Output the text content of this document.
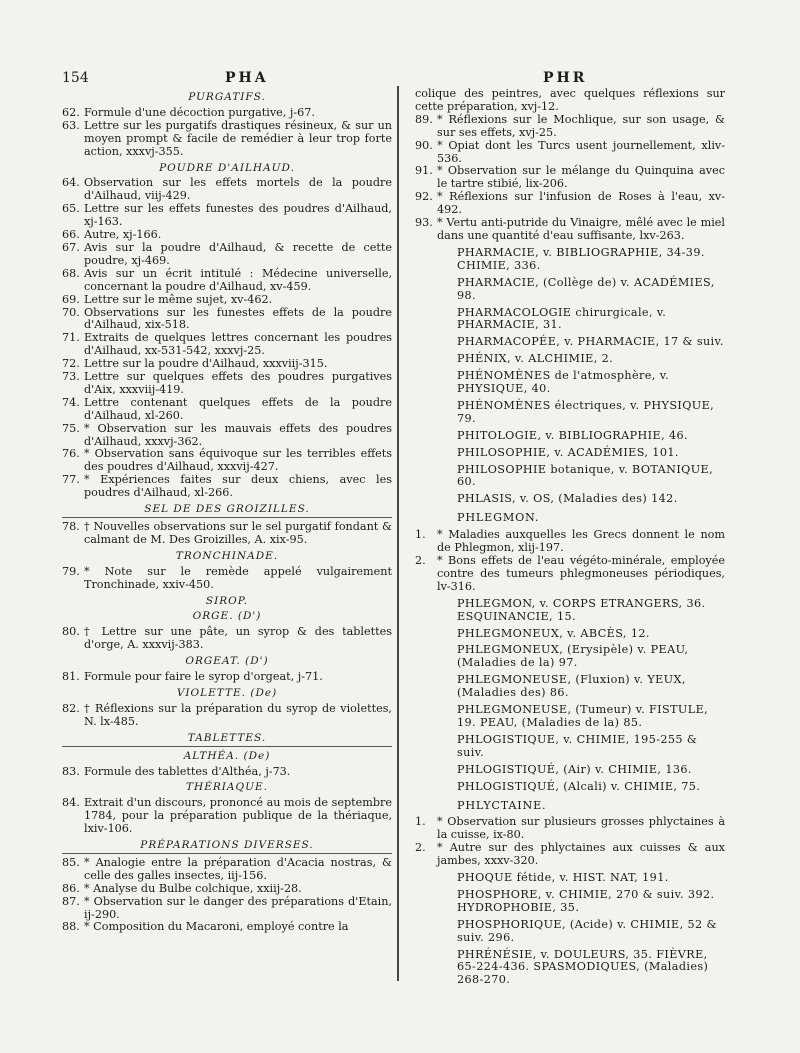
154	PHA	PHR
PURGATIFS.
62. Formule d'une décoction purgative, j-67.
63. Lettre sur les purgatifs drastiques résineux, & sur un moyen prompt & facile de remédier à leur trop forte action, xxxvj-355.
POUDRE D'AILHAUD.
64. Observation sur les effets mortels de la poudre d'Ailhaud, viij-429.
65. Lettre sur les effets funestes des poudres d'Ailhaud, xj-163.
66. Autre, xj-166.
67. Avis sur la poudre d'Ailhaud, & recette de cette poudre, xj-469.
68. Avis sur un écrit intitulé : Médecine universelle, concernant la poudre d'Ailhaud, xv-459.
69. Lettre sur le même sujet, xv-462.
70. Observations sur les funestes effets de la poudre d'Ailhaud, xix-518.
71. Extraits de quelques lettres concernant les poudres d'Ailhaud, xx-531-542, xxxvj-25.
72. Lettre sur la poudre d'Ailhaud, xxxviij-315.
73. Lettre sur quelques effets des poudres purgatives d'Aix, xxxviij-419.
74. Lettre contenant quelques effets de la poudre d'Ailhaud, xl-260.
75. * Observation sur les mauvais effets des poudres d'Ailhaud, xxxvj-362.
76. * Observation sans équivoque sur les terribles effets des poudres d'Ailhaud, xxxvij-427.
77. * Expériences faites sur deux chiens, avec les poudres d'Ailhaud, xl-266.
SEL DE DES GROIZILLES.
78. † Nouvelles observations sur le sel purgatif fondant & calmant de M. Des Groizilles, A. xix-95.
TRONCHINADE.
79. * Note sur le remède appelé vulgairement Tronchinade, xxiv-450.
SIROP.
ORGE. (D')
80. † Lettre sur une pâte, un syrop & des tablettes d'orge, A. xxxvij-383.
ORGEAT. (D')
81. Formule pour faire le syrop d'orgeat, j-71.
VIOLETTE. (De)
82. † Réflexions sur la préparation du syrop de violettes, N. lx-485.
TABLETTES.
ALTHÉA. (De)
83. Formule des tablettes d'Althéa, j-73.
THÉRIAQUE.
84. Extrait d'un discours, prononcé au mois de septembre 1784, pour la préparation publique de la thériaque, lxiv-106.
PRÉPARATIONS DIVERSES.
85. * Analogie entre la préparation d'Acacia nostras, & celle des galles insectes, iij-156.
86. * Analyse du Bulbe colchique, xxiij-28.
87. * Observation sur le danger des préparations d'Etain, ij-290.
88. * Composition du Macaroni, employé contre la
colique des peintres, avec quelques réflexions sur cette préparation, xvj-12.
89. * Réflexions sur le Mochlique, sur son usage, & sur ses effets, xvj-25.
90. * Opiat dont les Turcs usent journellement, xliv-536.
91. * Observation sur le mélange du Quinquina avec le tartre stibié, lix-206.
92. * Réflexions sur l'infusion de Roses à l'eau, xv-492.
93. * Vertu anti-putride du Vinaigre, mêlé avec le miel dans une quantité d'eau suffisante, lxv-263.
PHARMACIE, v. BIBLIOGRAPHIE, 34-39. CHIMIE, 336.
PHARMACIE, (Collège de) v. ACADÉMIES, 98.
PHARMACOLOGIE chirurgicale, v. PHARMACIE, 31.
PHARMACOPÉE, v. PHARMACIE, 17 & suiv.
PHÉNIX, v. ALCHIMIE, 2.
PHÉNOMÈNES de l'atmosphère, v. PHYSIQUE, 40.
PHÉNOMÈNES électriques, v. PHYSIQUE, 79.
PHITOLOGIE, v. BIBLIOGRAPHIE, 46.
PHILOSOPHIE, v. ACADÉMIES, 101.
PHILOSOPHIE botanique, v. BOTANIQUE, 60.
PHLASIS, v. OS, (Maladies des) 142.
PHLEGMON.
1.	* Maladies auxquelles les Grecs donnent le nom de Phlegmon, xlij-197.
2.	* Bons effets de l'eau végéto-minérale, employée contre des tumeurs phlegmoneuses périodiques, lv-316.
PHLEGMON, v. CORPS ETRANGERS, 36. ESQUINANCIE, 15.
PHLEGMONEUX, v. ABCÈS, 12.
PHLEGMONEUX, (Erysipèle) v. PEAU, (Maladies de la) 97.
PHLEGMONEUSE, (Fluxion) v. YEUX, (Maladies des) 86.
PHLEGMONEUSE, (Tumeur) v. FISTULE, 19. PEAU, (Maladies de la) 85.
PHLOGISTIQUE, v. CHIMIE, 195-255 & suiv.
PHLOGISTIQUÉ, (Air) v. CHIMIE, 136.
PHLOGISTIQUÉ, (Alcali) v. CHIMIE, 75.
PHLYCTAINE.
1.	* Observation sur plusieurs grosses phlyctaines à la cuisse, ix-80.
2.	* Autre sur des phlyctaines aux cuisses & aux jambes, xxxv-320.
PHOQUE fétide, v. HIST. NAT, 191.
PHOSPHORE, v. CHIMIE, 270 & suiv. 392. HYDROPHOBIE, 35.
PHOSPHORIQUE, (Acide) v. CHIMIE, 52 & suiv. 296.
PHRÉNÉSIE, v. DOULEURS, 35. FIÈVRE, 65-224-436. SPASMODIQUES, (Maladies) 268-270.
